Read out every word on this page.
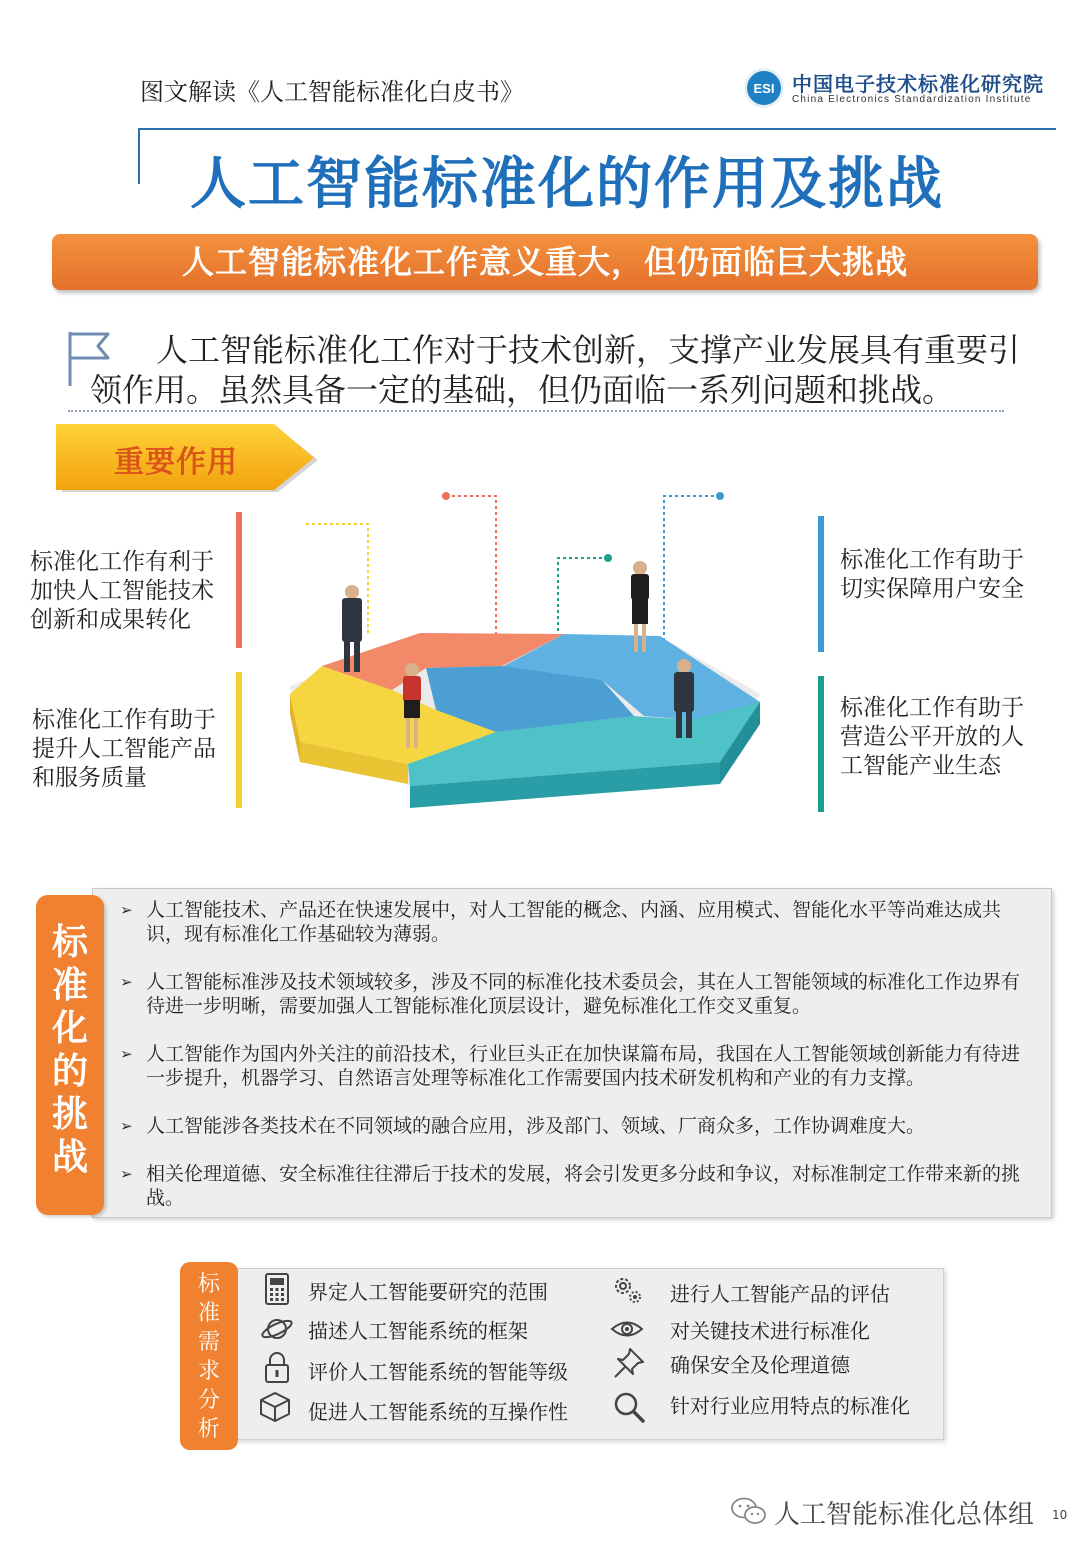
图文解读《人工智能标准化白皮书》	ESI 中国电子技术标准化研究院
China Electronics Standardization Institute
人工智能标准化的作用及挑战
人工智能标准化工作意义重大，但仍面临巨大挑战
人工智能标准化工作对于技术创新，支撑产业发展具有重要引领作用。虽然具备一定的基础，但仍面临一系列问题和挑战。
重要作用
标准化工作有利于加快人工智能技术创新和成果转化
标准化工作有助于提升人工智能产品和服务质量
标准化工作有助于切实保障用户安全
标准化工作有助于营造公平开放的人工智能产业生态
标准化的挑战
➢ 人工智能技术、产品还在快速发展中，对人工智能的概念、内涵、应用模式、智能化水平等尚难达成共识，现有标准化工作基础较为薄弱。
➢ 人工智能标准涉及技术领域较多，涉及不同的标准化技术委员会，其在人工智能领域的标准化工作边界有待进一步明晰，需要加强人工智能标准化顶层设计，避免标准化工作交叉重复。
➢ 人工智能作为国内外关注的前沿技术，行业巨头正在加快谋篇布局，我国在人工智能领域创新能力有待进一步提升，机器学习、自然语言处理等标准化工作需要国内技术研发机构和产业的有力支撑。
➢ 人工智能涉各类技术在不同领域的融合应用，涉及部门、领域、厂商众多，工作协调难度大。
➢ 相关伦理道德、安全标准往往滞后于技术的发展，将会引发更多分歧和争议，对标准制定工作带来新的挑战。
标准需求分析
界定人工智能要研究的范围
描述人工智能系统的框架
评价人工智能系统的智能等级
促进人工智能系统的互操作性
进行人工智能产品的评估
对关键技术进行标准化
确保安全及伦理道德
针对行业应用特点的标准化
人工智能标准化总体组 10
